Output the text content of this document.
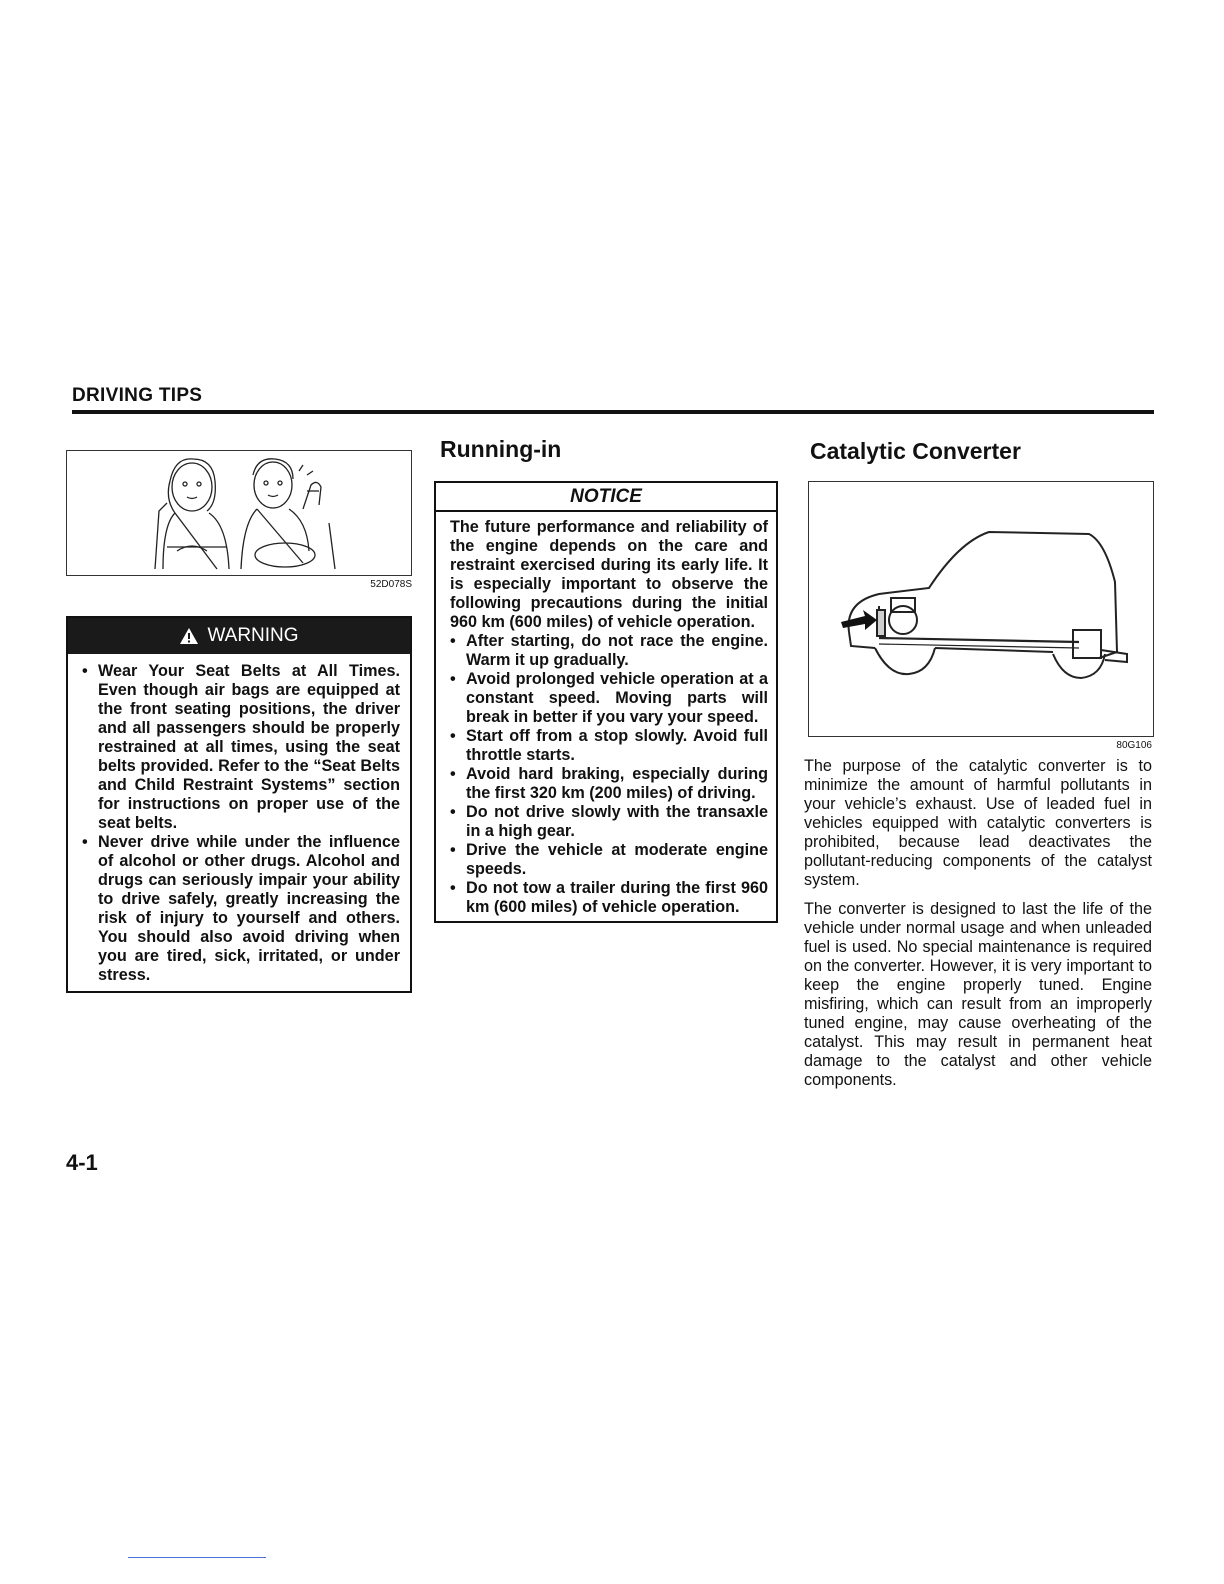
DRIVING TIPS
52D078S
WARNING
• Wear Your Seat Belts at All Times. Even though air bags are equipped at the front seating positions, the driver and all passengers should be properly restrained at all times, using the seat belts provided. Refer to the “Seat Belts and Child Restraint Systems” section for instructions on proper use of the seat belts.
• Never drive while under the influence of alcohol or other drugs. Alcohol and drugs can seriously impair your ability to drive safely, greatly increasing the risk of injury to yourself and others. You should also avoid driving when you are tired, sick, irritated, or under stress.
Running-in
NOTICE

The future performance and reliability of the engine depends on the care and restraint exercised during its early life. It is especially important to observe the following precautions during the initial 960 km (600 miles) of vehicle operation.

• After starting, do not race the engine. Warm it up gradually.
• Avoid prolonged vehicle operation at a constant speed. Moving parts will break in better if you vary your speed.
• Start off from a stop slowly. Avoid full throttle starts.
• Avoid hard braking, especially during the first 320 km (200 miles) of driving.
• Do not drive slowly with the transaxle in a high gear.
• Drive the vehicle at moderate engine speeds.
• Do not tow a trailer during the first 960 km (600 miles) of vehicle operation.
Catalytic Converter
80G106

The purpose of the catalytic converter is to minimize the amount of harmful pollutants in your vehicle’s exhaust. Use of leaded fuel in vehicles equipped with catalytic converters is prohibited, because lead deactivates the pollutant-reducing components of the catalyst system.

The converter is designed to last the life of the vehicle under normal usage and when unleaded fuel is used. No special maintenance is required on the converter. However, it is very important to keep the engine properly tuned. Engine misfiring, which can result from an improperly tuned engine, may cause overheating of the catalyst. This may result in permanent heat damage to the catalyst and other vehicle components.

4-1
